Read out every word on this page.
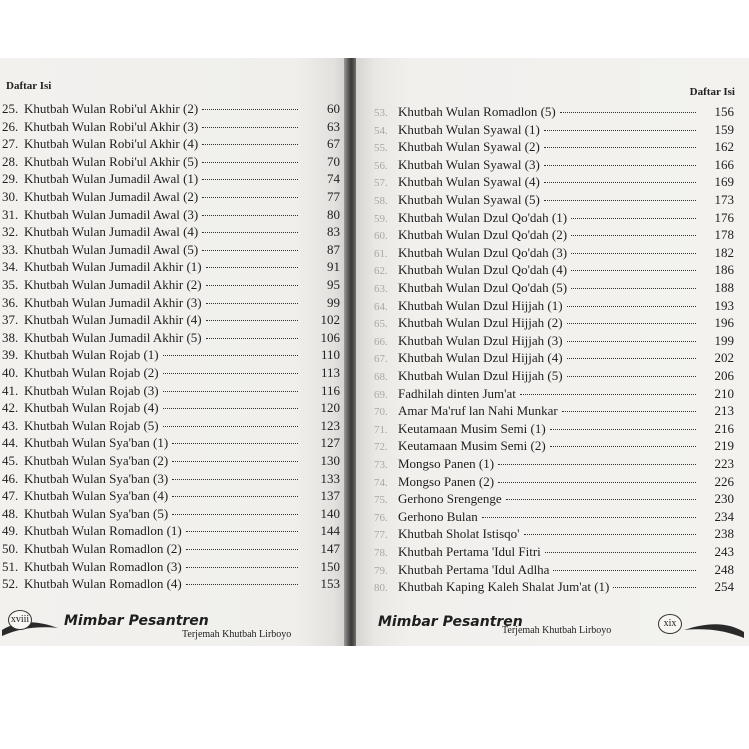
Daftar Isi
25. Khutbah Wulan Robi'ul Akhir (2)	60
26. Khutbah Wulan Robi'ul Akhir (3)	63
27. Khutbah Wulan Robi'ul Akhir (4)	67
28. Khutbah Wulan Robi'ul Akhir (5)	70
29. Khutbah Wulan Jumadil Awal (1)	74
30. Khutbah Wulan Jumadil Awal (2)	77
31. Khutbah Wulan Jumadil Awal (3)	80
32. Khutbah Wulan Jumadil Awal (4)	83
33. Khutbah Wulan Jumadil Awal (5)	87
34. Khutbah Wulan Jumadil Akhir (1)	91
35. Khutbah Wulan Jumadil Akhir (2)	95
36. Khutbah Wulan Jumadil Akhir (3)	99
37. Khutbah Wulan Jumadil Akhir (4)	102
38. Khutbah Wulan Jumadil Akhir (5)	106
39. Khutbah Wulan Rojab (1)	110
40. Khutbah Wulan Rojab (2)	113
41. Khutbah Wulan Rojab (3)	116
42. Khutbah Wulan Rojab (4)	120
43. Khutbah Wulan Rojab (5)	123
44. Khutbah Wulan Sya'ban (1)	127
45. Khutbah Wulan Sya'ban (2)	130
46. Khutbah Wulan Sya'ban (3)	133
47. Khutbah Wulan Sya'ban (4)	137
48. Khutbah Wulan Sya'ban (5)	140
49. Khutbah Wulan Romadlon (1)	144
50. Khutbah Wulan Romadlon (2)	147
51. Khutbah Wulan Romadlon (3)	150
52. Khutbah Wulan Romadlon (4)	153
xviii Mimbar Pesantren
Terjemah Khutbah Lirboyo
Daftar Isi
53. Khutbah Wulan Romadlon (5)	156
54. Khutbah Wulan Syawal (1)	159
55. Khutbah Wulan Syawal (2)	162
56. Khutbah Wulan Syawal (3)	166
57. Khutbah Wulan Syawal (4)	169
58. Khutbah Wulan Syawal (5)	173
59. Khutbah Wulan Dzul Qo'dah (1)	176
60. Khutbah Wulan Dzul Qo'dah (2)	178
61. Khutbah Wulan Dzul Qo'dah (3)	182
62. Khutbah Wulan Dzul Qo'dah (4)	186
63. Khutbah Wulan Dzul Qo'dah (5)	188
64. Khutbah Wulan Dzul Hijjah (1)	193
65. Khutbah Wulan Dzul Hijjah (2)	196
66. Khutbah Wulan Dzul Hijjah (3)	199
67. Khutbah Wulan Dzul Hijjah (4)	202
68. Khutbah Wulan Dzul Hijjah (5)	206
69. Fadhilah dinten Jum'at	210
70. Amar Ma'ruf lan Nahi Munkar	213
71. Keutamaan Musim Semi (1)	216
72. Keutamaan Musim Semi (2)	219
73. Mongso Panen (1)	223
74. Mongso Panen (2)	226
75. Gerhono Srengenge	230
76. Gerhono Bulan	234
77. Khutbah Sholat Istisqo'	238
78. Khutbah Pertama 'Idul Fitri	243
79. Khutbah Pertama 'Idul Adlha	248
80. Khutbah Kaping Kaleh Shalat Jum'at (1)	254
Mimbar Pesantren
Terjemah Khutbah Lirboyo
xix
